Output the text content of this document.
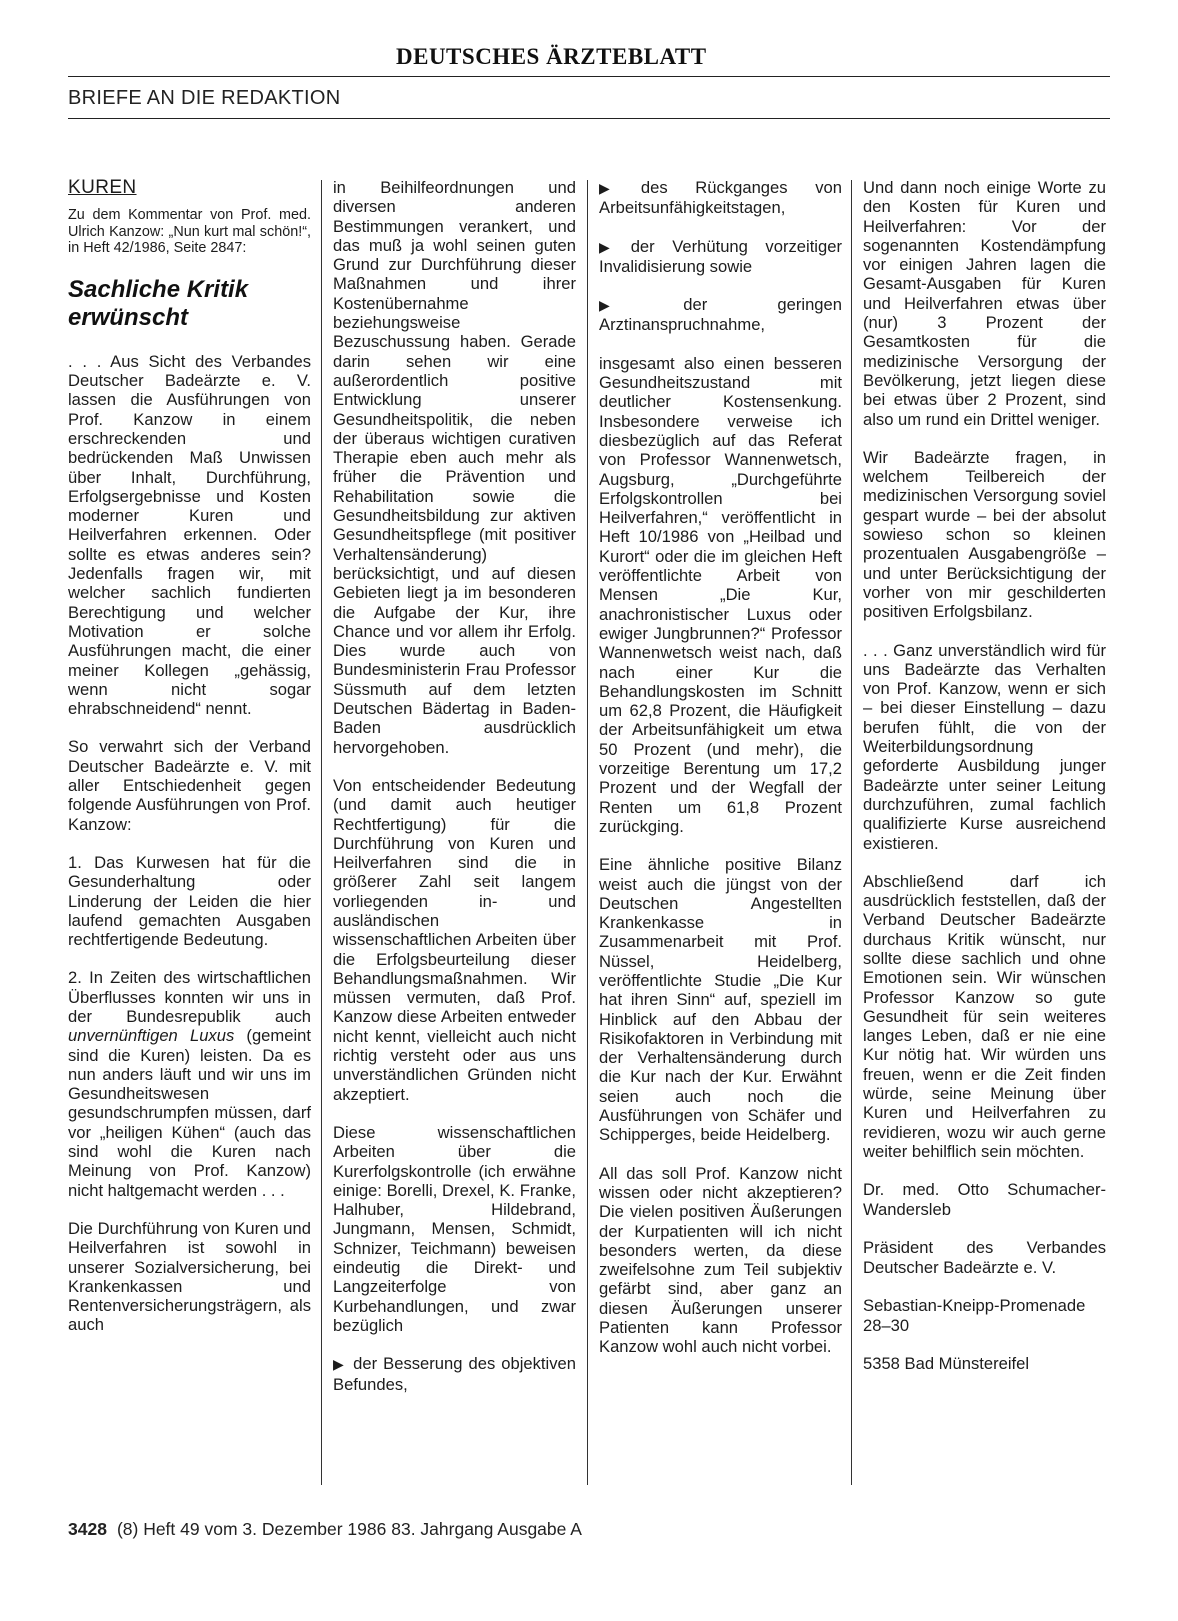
DEUTSCHES ÄRZTEBLATT
BRIEFE AN DIE REDAKTION
KUREN

Zu dem Kommentar von Prof. med. Ulrich Kanzow: „Nun kurt mal schön!“, in Heft 42/1986, Seite 2847:

Sachliche Kritik
erwünscht

. . . Aus Sicht des Verbandes Deutscher Badeärzte e. V. lassen die Ausführungen von Prof. Kanzow in einem erschreckenden und bedrückenden Maß Unwissen über Inhalt, Durchführung, Erfolgsergebnisse und Kosten moderner Kuren und Heilverfahren erkennen. Oder sollte es etwas anderes sein? Jedenfalls fragen wir, mit welcher sachlich fundierten Berechtigung und welcher Motivation er solche Ausführungen macht, die einer meiner Kollegen „gehässig, wenn nicht sogar ehrabschneidend“ nennt.

So verwahrt sich der Verband Deutscher Badeärzte e. V. mit aller Entschiedenheit gegen folgende Ausführungen von Prof. Kanzow:

1. Das Kurwesen hat für die Gesunderhaltung oder Linderung der Leiden die hier laufend gemachten Ausgaben rechtfertigende Bedeutung.

2. In Zeiten des wirtschaftlichen Überflusses konnten wir uns in der Bundesrepublik auch unvernünftigen Luxus (gemeint sind die Kuren) leisten. Da es nun anders läuft und wir uns im Gesundheitswesen gesundschrumpfen müssen, darf vor „heiligen Kühen“ (auch das sind wohl die Kuren nach Meinung von Prof. Kanzow) nicht haltgemacht werden . . .

Die Durchführung von Kuren und Heilverfahren ist sowohl in unserer Sozialversicherung, bei Krankenkassen und Rentenversicherungsträgern, als auch

in Beihilfeordnungen und diversen anderen Bestimmungen verankert, und das muß ja wohl seinen guten Grund zur Durchführung dieser Maßnahmen und ihrer Kostenübernahme beziehungsweise Bezuschussung haben. Gerade darin sehen wir eine außerordentlich positive Entwicklung unserer Gesundheitspolitik, die neben der überaus wichtigen curativen Therapie eben auch mehr als früher die Prävention und Rehabilitation sowie die Gesundheitsbildung zur aktiven Gesundheitspflege (mit positiver Verhaltensänderung) berücksichtigt, und auf diesen Gebieten liegt ja im besonderen die Aufgabe der Kur, ihre Chance und vor allem ihr Erfolg. Dies wurde auch von Bundesministerin Frau Professor Süssmuth auf dem letzten Deutschen Bädertag in Baden-Baden ausdrücklich hervorgehoben.

Von entscheidender Bedeutung (und damit auch heutiger Rechtfertigung) für die Durchführung von Kuren und Heilverfahren sind die in größerer Zahl seit langem vorliegenden in- und ausländischen wissenschaftlichen Arbeiten über die Erfolgsbeurteilung dieser Behandlungsmaßnahmen. Wir müssen vermuten, daß Prof. Kanzow diese Arbeiten entweder nicht kennt, vielleicht auch nicht richtig versteht oder aus uns unverständlichen Gründen nicht akzeptiert.

Diese wissenschaftlichen Arbeiten über die Kurerfolgskontrolle (ich erwähne einige: Borelli, Drexel, K. Franke, Halhuber, Hildebrand, Jungmann, Mensen, Schmidt, Schnizer, Teichmann) beweisen eindeutig die Direkt- und Langzeiterfolge von Kurbehandlungen, und zwar bezüglich

▶ der Besserung des objektiven Befundes,

▶ des Rückganges von Arbeitsunfähigkeitstagen,

▶ der Verhütung vorzeitiger Invalidisierung sowie

▶ der geringen Arztinanspruchnahme,

insgesamt also einen besseren Gesundheitszustand mit deutlicher Kostensenkung. Insbesondere verweise ich diesbezüglich auf das Referat von Professor Wannenwetsch, Augsburg, „Durchgeführte Erfolgskontrollen bei Heilverfahren,“ veröffentlicht in Heft 10/1986 von „Heilbad und Kurort“ oder die im gleichen Heft veröffentlichte Arbeit von Mensen „Die Kur, anachronistischer Luxus oder ewiger Jungbrunnen?“ Professor Wannenwetsch weist nach, daß nach einer Kur die Behandlungskosten im Schnitt um 62,8 Prozent, die Häufigkeit der Arbeitsunfähigkeit um etwa 50 Prozent (und mehr), die vorzeitige Berentung um 17,2 Prozent und der Wegfall der Renten um 61,8 Prozent zurückging.

Eine ähnliche positive Bilanz weist auch die jüngst von der Deutschen Angestellten Krankenkasse in Zusammenarbeit mit Prof. Nüssel, Heidelberg, veröffentlichte Studie „Die Kur hat ihren Sinn“ auf, speziell im Hinblick auf den Abbau der Risikofaktoren in Verbindung mit der Verhaltensänderung durch die Kur nach der Kur. Erwähnt seien auch noch die Ausführungen von Schäfer und Schipperges, beide Heidelberg.

All das soll Prof. Kanzow nicht wissen oder nicht akzeptieren? Die vielen positiven Äußerungen der Kurpatienten will ich nicht besonders werten, da diese zweifelsohne zum Teil subjektiv gefärbt sind, aber ganz an diesen Äußerungen unserer Patienten kann Professor Kanzow wohl auch nicht vorbei.

Und dann noch einige Worte zu den Kosten für Kuren und Heilverfahren: Vor der sogenannten Kostendämpfung vor einigen Jahren lagen die Gesamt-Ausgaben für Kuren und Heilverfahren etwas über (nur) 3 Prozent der Gesamtkosten für die medizinische Versorgung der Bevölkerung, jetzt liegen diese bei etwas über 2 Prozent, sind also um rund ein Drittel weniger.

Wir Badeärzte fragen, in welchem Teilbereich der medizinischen Versorgung soviel gespart wurde – bei der absolut sowieso schon so kleinen prozentualen Ausgabengröße – und unter Berücksichtigung der vorher von mir geschilderten positiven Erfolgsbilanz.

. . . Ganz unverständlich wird für uns Badeärzte das Verhalten von Prof. Kanzow, wenn er sich – bei dieser Einstellung – dazu berufen fühlt, die von der Weiterbildungsordnung geforderte Ausbildung junger Badeärzte unter seiner Leitung durchzuführen, zumal fachlich qualifizierte Kurse ausreichend existieren.

Abschließend darf ich ausdrücklich feststellen, daß der Verband Deutscher Badeärzte durchaus Kritik wünscht, nur sollte diese sachlich und ohne Emotionen sein. Wir wünschen Professor Kanzow so gute Gesundheit für sein weiteres langes Leben, daß er nie eine Kur nötig hat. Wir würden uns freuen, wenn er die Zeit finden würde, seine Meinung über Kuren und Heilverfahren zu revidieren, wozu wir auch gerne weiter behilflich sein möchten.

Dr. med. Otto Schumacher-Wandersleb

Präsident des Verbandes Deutscher Badeärzte e. V.

Sebastian-Kneipp-Promenade 28–30

5358 Bad Münstereifel

3428 (8) Heft 49 vom 3. Dezember 1986 83. Jahrgang Ausgabe A
